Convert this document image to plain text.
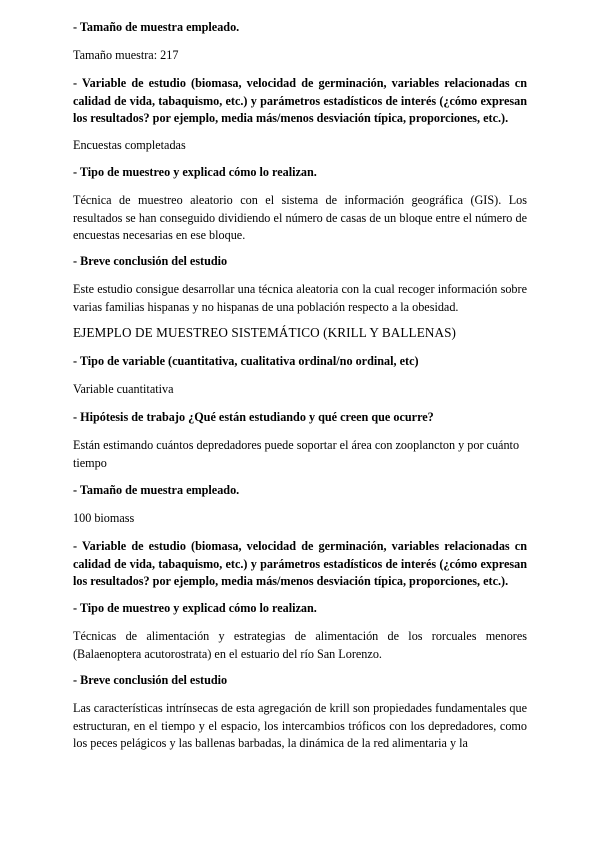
- Tamaño de muestra empleado.

Tamaño muestra: 217

- Variable de estudio (biomasa, velocidad de germinación, variables relacionadas cn calidad de vida, tabaquismo, etc.) y parámetros estadísticos de interés (¿cómo expresan los resultados? por ejemplo, media más/menos desviación típica, proporciones, etc.).

Encuestas completadas

- Tipo de muestreo y explicad cómo lo realizan.

Técnica de muestreo aleatorio con el sistema de información geográfica (GIS). Los resultados se han conseguido dividiendo el número de casas de un bloque entre el número de encuestas necesarias en ese bloque.

- Breve conclusión del estudio

Este estudio consigue desarrollar una técnica aleatoria con la cual recoger información sobre varias familias hispanas y no hispanas de una población respecto a la obesidad.

EJEMPLO DE MUESTREO SISTEMÁTICO (KRILL Y BALLENAS)

- Tipo de variable (cuantitativa, cualitativa ordinal/no ordinal, etc)

Variable cuantitativa

- Hipótesis de trabajo ¿Qué están estudiando y qué creen que ocurre?

Están estimando cuántos depredadores puede soportar el área con zooplancton y por cuánto tiempo

- Tamaño de muestra empleado.

100 biomass

- Variable de estudio (biomasa, velocidad de germinación, variables relacionadas cn calidad de vida, tabaquismo, etc.) y parámetros estadísticos de interés (¿cómo expresan los resultados? por ejemplo, media más/menos desviación típica, proporciones, etc.).

- Tipo de muestreo y explicad cómo lo realizan.

Técnicas de alimentación y estrategias de alimentación de los rorcuales menores (Balaenoptera acutorostrata) en el estuario del río San Lorenzo.

- Breve conclusión del estudio

Las características intrínsecas de esta agregación de krill son propiedades fundamentales que estructuran, en el tiempo y el espacio, los intercambios tróficos con los depredadores, como los peces pelágicos y las ballenas barbadas, la dinámica de la red alimentaria y la
